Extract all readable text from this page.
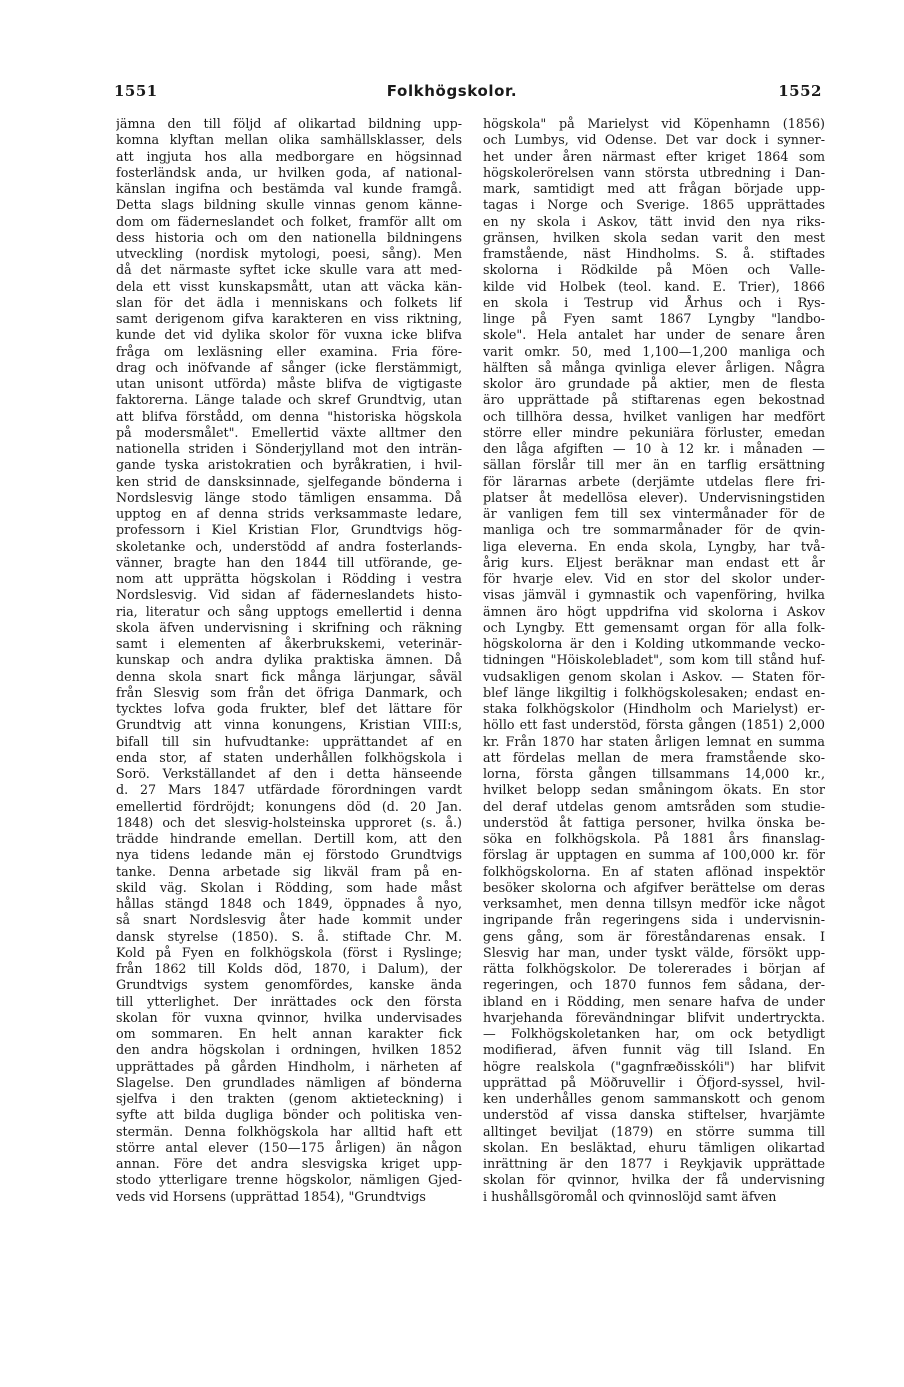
1551	Folkhögskolor.	1552
jämna den till följd af olikartad bildning upp-
komna klyftan mellan olika samhällsklasser, dels
att ingjuta hos alla medborgare en högsinnad
fosterländsk anda, ur hvilken goda, af national-
känslan ingifna och bestämda val kunde framgå.
Detta slags bildning skulle vinnas genom känne-
dom om fäderneslandet och folket, framför allt om
dess historia och om den nationella bildningens
utveckling (nordisk mytologi, poesi, sång). Men
då det närmaste syftet icke skulle vara att med-
dela ett visst kunskapsmått, utan att väcka kän-
slan för det ädla i menniskans och folkets lif
samt derigenom gifva karakteren en viss riktning,
kunde det vid dylika skolor för vuxna icke blifva
fråga om lexläsning eller examina. Fria före-
drag och inöfvande af sånger (icke flerstämmigt,
utan unisont utförda) måste blifva de vigtigaste
faktorerna. Länge talade och skref Grundtvig, utan
att blifva förstådd, om denna "historiska högskola
på modersmålet". Emellertid växte alltmer den
nationella striden i Sönderjylland mot den inträn-
gande tyska aristokratien och byråkratien, i hvil-
ken strid de dansksinnade, sjelfegande bönderna i
Nordslesvig länge stodo tämligen ensamma. Då
upptog en af denna strids verksammaste ledare,
professorn i Kiel Kristian Flor, Grundtvigs hög-
skoletanke och, understödd af andra fosterlands-
vänner, bragte han den 1844 till utförande, ge-
nom att upprätta högskolan i Rödding i vestra
Nordslesvig. Vid sidan af fäderneslandets histo-
ria, literatur och sång upptogs emellertid i denna
skola äfven undervisning i skrifning och räkning
samt i elementen af åkerbrukskemi, veterinär-
kunskap och andra dylika praktiska ämnen. Då
denna skola snart fick många lärjungar, såväl
från Slesvig som från det öfriga Danmark, och
tycktes lofva goda frukter, blef det lättare för
Grundtvig att vinna konungens, Kristian VIII:s,
bifall till sin hufvudtanke: upprättandet af en
enda stor, af staten underhållen folkhögskola i
Sorö. Verkställandet af den i detta hänseende
d. 27 Mars 1847 utfärdade förordningen vardt
emellertid fördröjdt; konungens död (d. 20 Jan.
1848) och det slesvig-holsteinska upproret (s. å.)
trädde hindrande emellan. Dertill kom, att den
nya tidens ledande män ej förstodo Grundtvigs
tanke. Denna arbetade sig likväl fram på en-
skild väg. Skolan i Rödding, som hade måst
hållas stängd 1848 och 1849, öppnades å nyo,
så snart Nordslesvig åter hade kommit under
dansk styrelse (1850). S. å. stiftade Chr. M.
Kold på Fyen en folkhögskola (först i Ryslinge;
från 1862 till Kolds död, 1870, i Dalum), der
Grundtvigs system genomfördes, kanske ända
till ytterlighet. Der inrättades ock den första
skolan för vuxna qvinnor, hvilka undervisades
om sommaren. En helt annan karakter fick
den andra högskolan i ordningen, hvilken 1852
upprättades på gården Hindholm, i närheten af
Slagelse. Den grundlades nämligen af bönderna
sjelfva i den trakten (genom aktieteckning) i
syfte att bilda dugliga bönder och politiska ven-
stermän. Denna folkhögskola har alltid haft ett
större antal elever (150—175 årligen) än någon
annan. Före det andra slesvigska kriget upp-
stodo ytterligare trenne högskolor, nämligen Gjed-
veds vid Horsens (upprättad 1854), "Grundtvigs
högskola" på Marielyst vid Köpenhamn (1856)
och Lumbys, vid Odense. Det var dock i synner-
het under åren närmast efter kriget 1864 som
högskolerörelsen vann största utbredning i Dan-
mark, samtidigt med att frågan började upp-
tagas i Norge och Sverige. 1865 upprättades
en ny skola i Askov, tätt invid den nya riks-
gränsen, hvilken skola sedan varit den mest
framstående, näst Hindholms. S. å. stiftades
skolorna i Rödkilde på Möen och Valle-
kilde vid Holbek (teol. kand. E. Trier), 1866
en skola i Testrup vid Århus och i Rys-
linge på Fyen samt 1867 Lyngby "landbo-
skole". Hela antalet har under de senare åren
varit omkr. 50, med 1,100—1,200 manliga och
hälften så många qvinliga elever årligen. Några
skolor äro grundade på aktier, men de flesta
äro upprättade på stiftarenas egen bekostnad
och tillhöra dessa, hvilket vanligen har medfört
större eller mindre pekuniära förluster, emedan
den låga afgiften — 10 à 12 kr. i månaden —
sällan förslår till mer än en tarflig ersättning
för lärarnas arbete (derjämte utdelas flere fri-
platser åt medellösa elever). Undervisningstiden
är vanligen fem till sex vintermånader för de
manliga och tre sommarmånader för de qvin-
liga eleverna. En enda skola, Lyngby, har två-
årig kurs. Eljest beräknar man endast ett år
för hvarje elev. Vid en stor del skolor under-
visas jämväl i gymnastik och vapenföring, hvilka
ämnen äro högt uppdrifna vid skolorna i Askov
och Lyngby. Ett gemensamt organ för alla folk-
högskolorna är den i Kolding utkommande vecko-
tidningen "Höiskolebladet", som kom till stånd huf-
vudsakligen genom skolan i Askov. — Staten för-
blef länge likgiltig i folkhögskolesaken; endast en-
staka folkhögskolor (Hindholm och Marielyst) er-
höllo ett fast understöd, första gången (1851) 2,000
kr. Från 1870 har staten årligen lemnat en summa
att fördelas mellan de mera framstående sko-
lorna, första gången tillsammans 14,000 kr.,
hvilket belopp sedan småningom ökats. En stor
del deraf utdelas genom amtsråden som studie-
understöd åt fattiga personer, hvilka önska be-
söka en folkhögskola. På 1881 års finanslag-
förslag är upptagen en summa af 100,000 kr. för
folkhögskolorna. En af staten aflönad inspektör
besöker skolorna och afgifver berättelse om deras
verksamhet, men denna tillsyn medför icke något
ingripande från regeringens sida i undervisnin-
gens gång, som är föreståndarenas ensak. I
Slesvig har man, under tyskt välde, försökt upp-
rätta folkhögskolor. De tolererades i början af
regeringen, och 1870 funnos fem sådana, der-
ibland en i Rödding, men senare hafva de under
hvarjehanda förevändningar blifvit undertryckta.
— Folkhögskoletanken har, om ock betydligt
modifierad, äfven funnit väg till Island. En
högre realskola ("gagnfræðisskóli") har blifvit
upprättad på Möðruvellir i Öfjord-syssel, hvil-
ken underhålles genom sammanskott och genom
understöd af vissa danska stiftelser, hvarjämte
alltinget beviljat (1879) en större summa till
skolan. En besläktad, ehuru tämligen olikartad
inrättning är den 1877 i Reykjavik upprättade
skolan för qvinnor, hvilka der få undervisning
i hushållsgöromål och qvinnoslöjd samt äfven
